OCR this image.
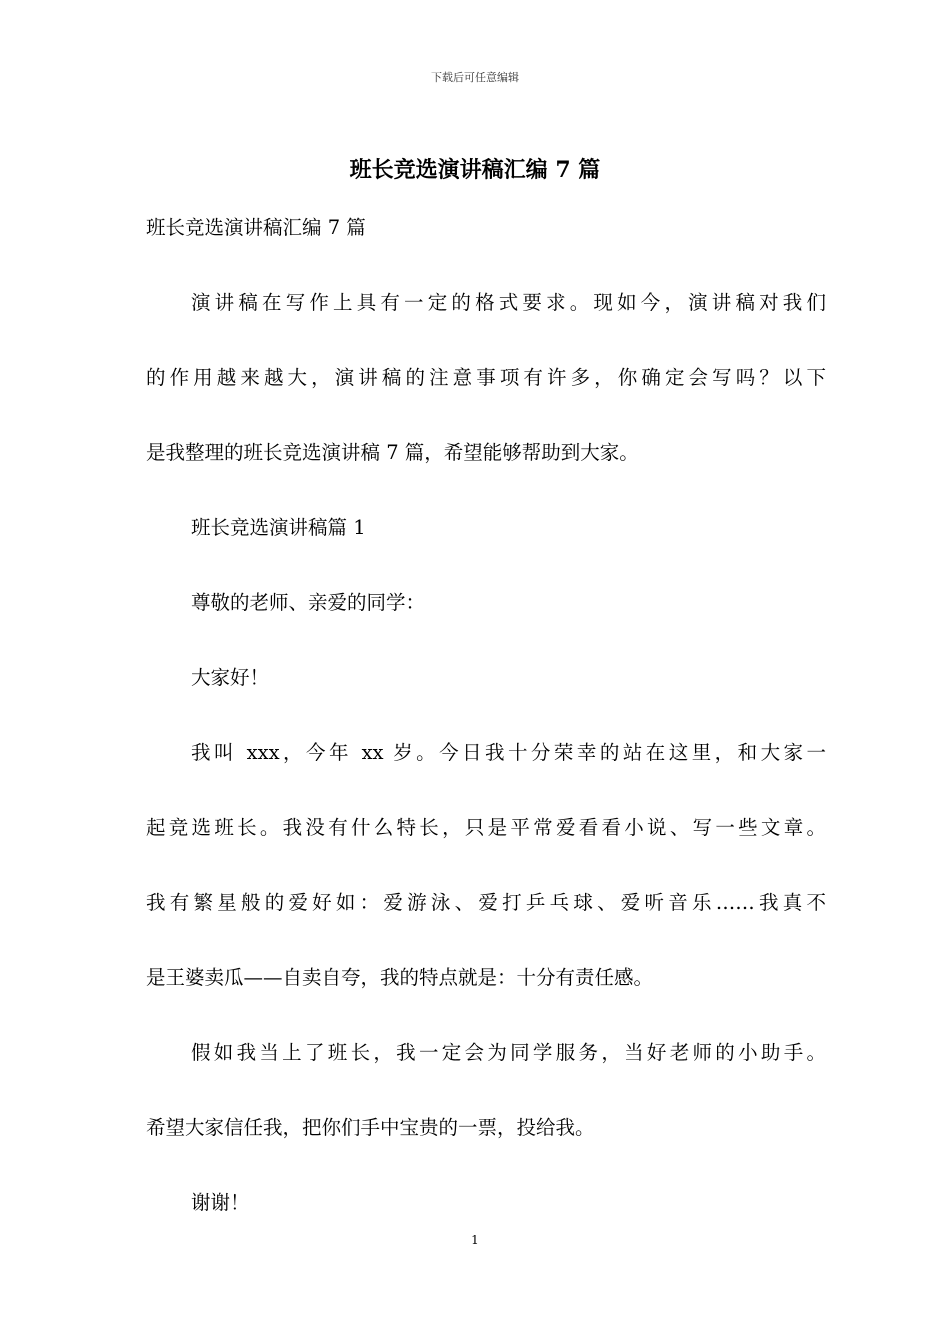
下载后可任意编辑
班长竞选演讲稿汇编 7 篇
班长竞选演讲稿汇编 7 篇
演讲稿在写作上具有一定的格式要求。现如今，演讲稿对我们
的作用越来越大，演讲稿的注意事项有许多，你确定会写吗？以下
是我整理的班长竞选演讲稿 7 篇，希望能够帮助到大家。
班长竞选演讲稿篇 1
尊敬的老师、亲爱的同学：
大家好！
我叫 xxx，今年 xx 岁。今日我十分荣幸的站在这里，和大家一
起竞选班长。我没有什么特长，只是平常爱看看小说、写一些文章。
我有繁星般的爱好如：爱游泳、爱打乒乓球、爱听音乐……我真不
是王婆卖瓜——自卖自夸，我的特点就是：十分有责任感。
假如我当上了班长，我一定会为同学服务，当好老师的小助手。
希望大家信任我，把你们手中宝贵的一票，投给我。
谢谢！
1
